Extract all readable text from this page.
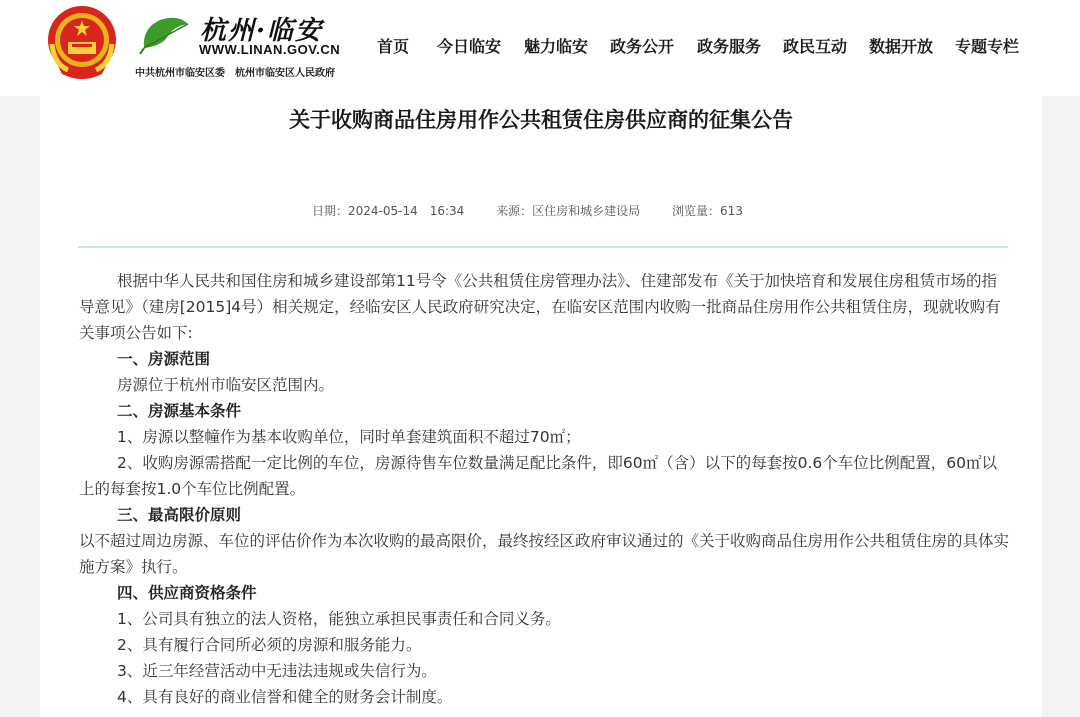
杭州·临安
WWW.LINAN.GOV.CN
中共杭州市临安区委　杭州市临安区人民政府
首页	今日临安	魅力临安	政务公开	政务服务	政民互动	数据开放	专题专栏
关于收购商品住房用作公共租赁住房供应商的征集公告
日期：2024-05-14　16:34	来源：区住房和城乡建设局	浏览量：613

根据中华人民共和国住房和城乡建设部第11号令《公共租赁住房管理办法》、住建部发布《关于加快培育和发展住房租赁市场的指导意见》（建房[2015]4号）相关规定，经临安区人民政府研究决定，在临安区范围内收购一批商品住房用作公共租赁住房，现就收购有关事项公告如下:

一、房源范围

房源位于杭州市临安区范围内。

二、房源基本条件

1、房源以整幢作为基本收购单位，同时单套建筑面积不超过70㎡；

2、收购房源需搭配一定比例的车位，房源待售车位数量满足配比条件，即60㎡（含）以下的每套按0.6个车位比例配置，60㎡以上的每套按1.0个车位比例配置。

三、最高限价原则

以不超过周边房源、车位的评估价作为本次收购的最高限价，最终按经区政府审议通过的《关于收购商品住房用作公共租赁住房的具体实施方案》执行。

四、供应商资格条件

1、公司具有独立的法人资格，能独立承担民事责任和合同义务。

2、具有履行合同所必须的房源和服务能力。

3、近三年经营活动中无违法违规或失信行为。

4、具有良好的商业信誉和健全的财务会计制度。
